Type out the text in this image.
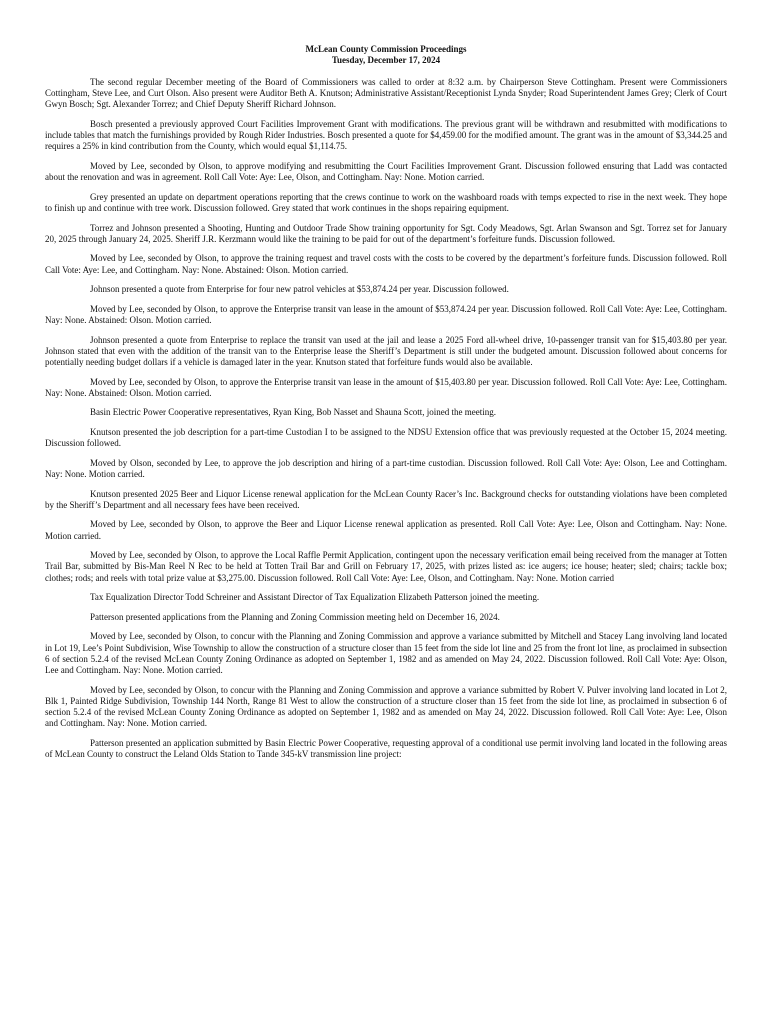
McLean County Commission Proceedings

Tuesday, December 17, 2024

The second regular December meeting of the Board of Commissioners was called to order at 8:32 a.m. by Chairperson Steve Cottingham. Present were Commissioners Cottingham, Steve Lee, and Curt Olson. Also present were Auditor Beth A. Knutson; Administrative Assistant/Receptionist Lynda Snyder; Road Superintendent James Grey; Clerk of Court Gwyn Bosch; Sgt. Alexander Torrez; and Chief Deputy Sheriff Richard Johnson.

Bosch presented a previously approved Court Facilities Improvement Grant with modifications. The previous grant will be withdrawn and resubmitted with modifications to include tables that match the furnishings provided by Rough Rider Industries. Bosch presented a quote for $4,459.00 for the modified amount. The grant was in the amount of $3,344.25 and requires a 25% in kind contribution from the County, which would equal $1,114.75.

Moved by Lee, seconded by Olson, to approve modifying and resubmitting the Court Facilities Improvement Grant. Discussion followed ensuring that Ladd was contacted about the renovation and was in agreement. Roll Call Vote: Aye: Lee, Olson, and Cottingham. Nay: None. Motion carried.

Grey presented an update on department operations reporting that the crews continue to work on the washboard roads with temps expected to rise in the next week. They hope to finish up and continue with tree work. Discussion followed. Grey stated that work continues in the shops repairing equipment.

Torrez and Johnson presented a Shooting, Hunting and Outdoor Trade Show training opportunity for Sgt. Cody Meadows, Sgt. Arlan Swanson and Sgt. Torrez set for January 20, 2025 through January 24, 2025. Sheriff J.R. Kerzmann would like the training to be paid for out of the department’s forfeiture funds. Discussion followed.

Moved by Lee, seconded by Olson, to approve the training request and travel costs with the costs to be covered by the department’s forfeiture funds. Discussion followed. Roll Call Vote: Aye: Lee, and Cottingham. Nay: None. Abstained: Olson. Motion carried.

Johnson presented a quote from Enterprise for four new patrol vehicles at $53,874.24 per year. Discussion followed.

Moved by Lee, seconded by Olson, to approve the Enterprise transit van lease in the amount of $53,874.24 per year. Discussion followed. Roll Call Vote: Aye: Lee, Cottingham. Nay: None. Abstained: Olson. Motion carried.

Johnson presented a quote from Enterprise to replace the transit van used at the jail and lease a 2025 Ford all-wheel drive, 10-passenger transit van for $15,403.80 per year. Johnson stated that even with the addition of the transit van to the Enterprise lease the Sheriff’s Department is still under the budgeted amount. Discussion followed about concerns for potentially needing budget dollars if a vehicle is damaged later in the year. Knutson stated that forfeiture funds would also be available.

Moved by Lee, seconded by Olson, to approve the Enterprise transit van lease in the amount of $15,403.80 per year. Discussion followed. Roll Call Vote: Aye: Lee, Cottingham. Nay: None. Abstained: Olson. Motion carried.

Basin Electric Power Cooperative representatives, Ryan King, Bob Nasset and Shauna Scott, joined the meeting.

Knutson presented the job description for a part-time Custodian I to be assigned to the NDSU Extension office that was previously requested at the October 15, 2024 meeting. Discussion followed.

Moved by Olson, seconded by Lee, to approve the job description and hiring of a part-time custodian. Discussion followed. Roll Call Vote: Aye: Olson, Lee and Cottingham. Nay: None. Motion carried.

Knutson presented 2025 Beer and Liquor License renewal application for the McLean County Racer’s Inc. Background checks for outstanding violations have been completed by the Sheriff’s Department and all necessary fees have been received.

Moved by Lee, seconded by Olson, to approve the Beer and Liquor License renewal application as presented. Roll Call Vote: Aye: Lee, Olson and Cottingham. Nay: None. Motion carried.

Moved by Lee, seconded by Olson, to approve the Local Raffle Permit Application, contingent upon the necessary verification email being received from the manager at Totten Trail Bar, submitted by Bis-Man Reel N Rec to be held at Totten Trail Bar and Grill on February 17, 2025, with prizes listed as: ice augers; ice house; heater; sled; chairs; tackle box; clothes; rods; and reels with total prize value at $3,275.00. Discussion followed. Roll Call Vote: Aye: Lee, Olson, and Cottingham. Nay: None. Motion carried

Tax Equalization Director Todd Schreiner and Assistant Director of Tax Equalization Elizabeth Patterson joined the meeting.

Patterson presented applications from the Planning and Zoning Commission meeting held on December 16, 2024.

Moved by Lee, seconded by Olson, to concur with the Planning and Zoning Commission and approve a variance submitted by Mitchell and Stacey Lang involving land located in Lot 19, Lee’s Point Subdivision, Wise Township to allow the construction of a structure closer than 15 feet from the side lot line and 25 from the front lot line, as proclaimed in subsection 6 of section 5.2.4 of the revised McLean County Zoning Ordinance as adopted on September 1, 1982 and as amended on May 24, 2022. Discussion followed. Roll Call Vote: Aye: Olson, Lee and Cottingham. Nay: None. Motion carried.

Moved by Lee, seconded by Olson, to concur with the Planning and Zoning Commission and approve a variance submitted by Robert V. Pulver involving land located in Lot 2, Blk 1, Painted Ridge Subdivision, Township 144 North, Range 81 West to allow the construction of a structure closer than 15 feet from the side lot line, as proclaimed in subsection 6 of section 5.2.4 of the revised McLean County Zoning Ordinance as adopted on September 1, 1982 and as amended on May 24, 2022. Discussion followed. Roll Call Vote: Aye: Lee, Olson and Cottingham. Nay: None. Motion carried.

Patterson presented an application submitted by Basin Electric Power Cooperative, requesting approval of a conditional use permit involving land located in the following areas of McLean County to construct the Leland Olds Station to Tande 345-kV transmission line project:
